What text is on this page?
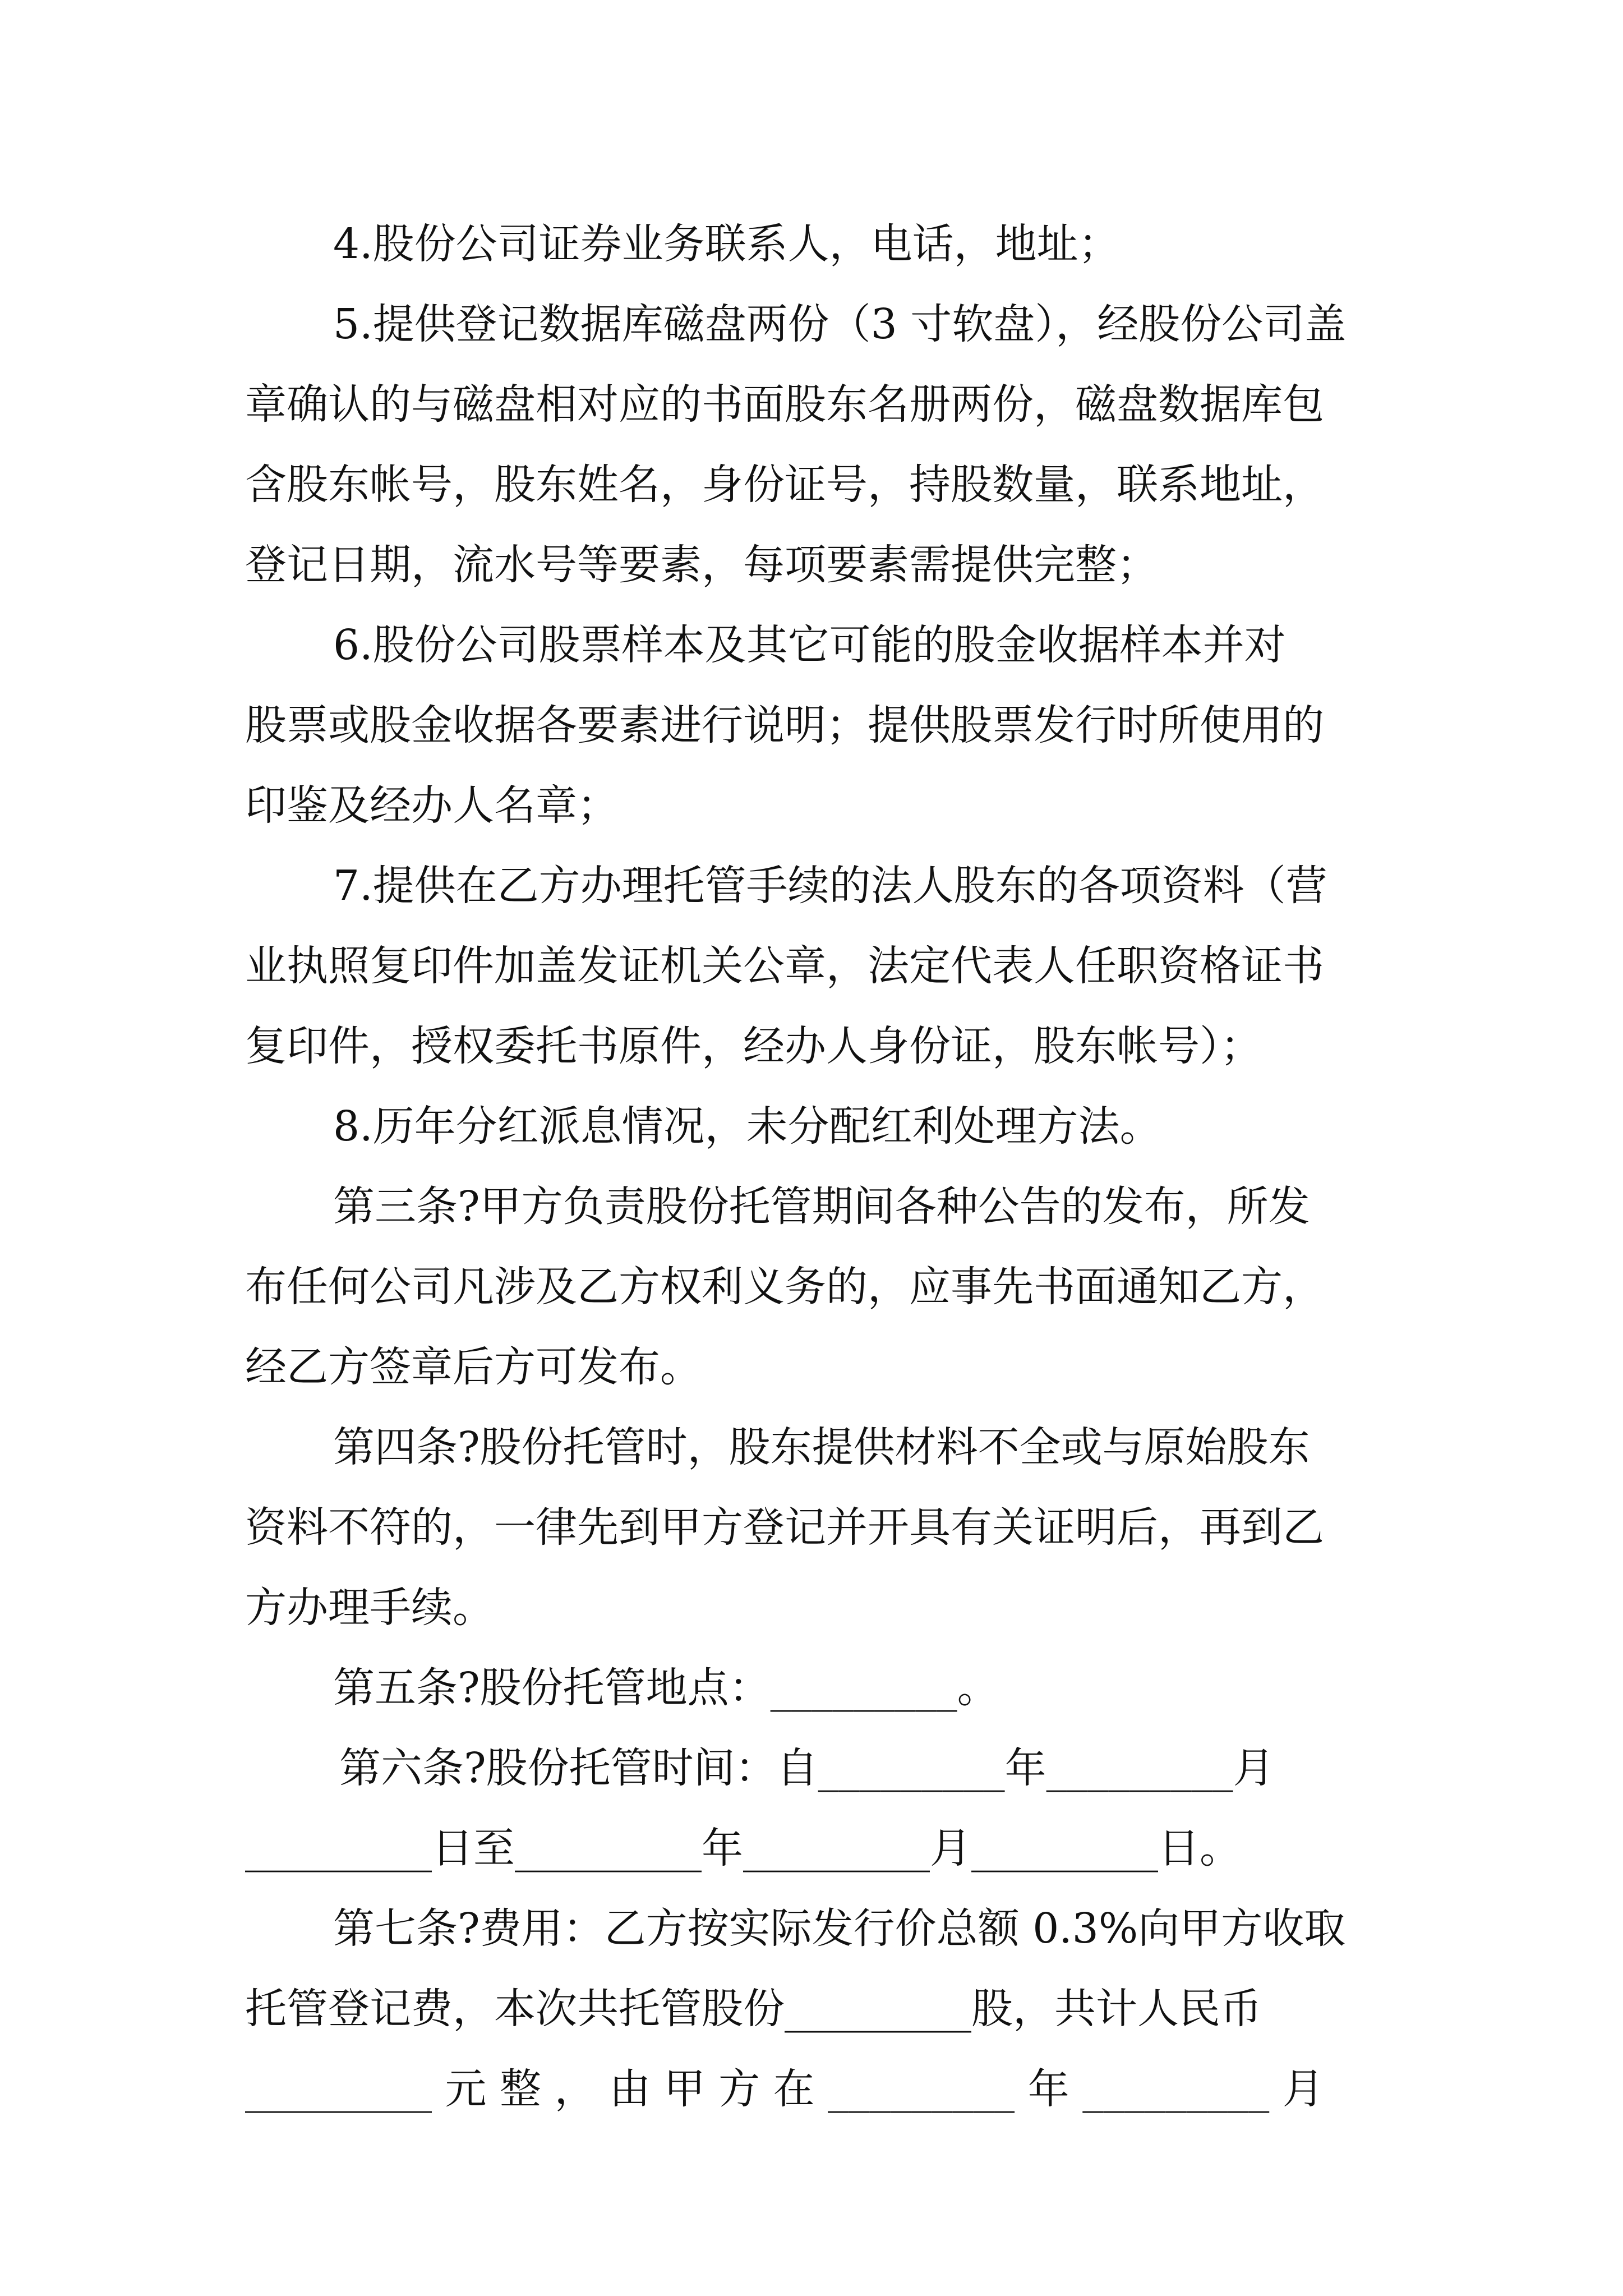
4.股份公司证券业务联系人，电话，地址；
5.提供登记数据库磁盘两份（3 寸软盘），经股份公司盖
章确认的与磁盘相对应的书面股东名册两份，磁盘数据库包
含股东帐号，股东姓名，身份证号，持股数量，联系地址，
登记日期，流水号等要素，每项要素需提供完整；
6.股份公司股票样本及其它可能的股金收据样本并对
股票或股金收据各要素进行说明；提供股票发行时所使用的
印鉴及经办人名章；
7.提供在乙方办理托管手续的法人股东的各项资料（营
业执照复印件加盖发证机关公章，法定代表人任职资格证书
复印件，授权委托书原件，经办人身份证，股东帐号）；
8.历年分红派息情况，未分配红利处理方法。
第三条?甲方负责股份托管期间各种公告的发布，所发
布任何公司凡涉及乙方权利义务的，应事先书面通知乙方，
经乙方签章后方可发布。
第四条?股份托管时，股东提供材料不全或与原始股东
资料不符的，一律先到甲方登记并开具有关证明后，再到乙
方办理手续。
第五条?股份托管地点：_________。
第六条?股份托管时间：自_________年_________月
_________日至_________年_________月_________日。
第七条?费用：乙方按实际发行价总额 0.3%向甲方收取
托管登记费，本次共托管股份_________股，共计人民币
_________ 元 整 ， 由 甲 方 在 _________ 年 _________ 月
